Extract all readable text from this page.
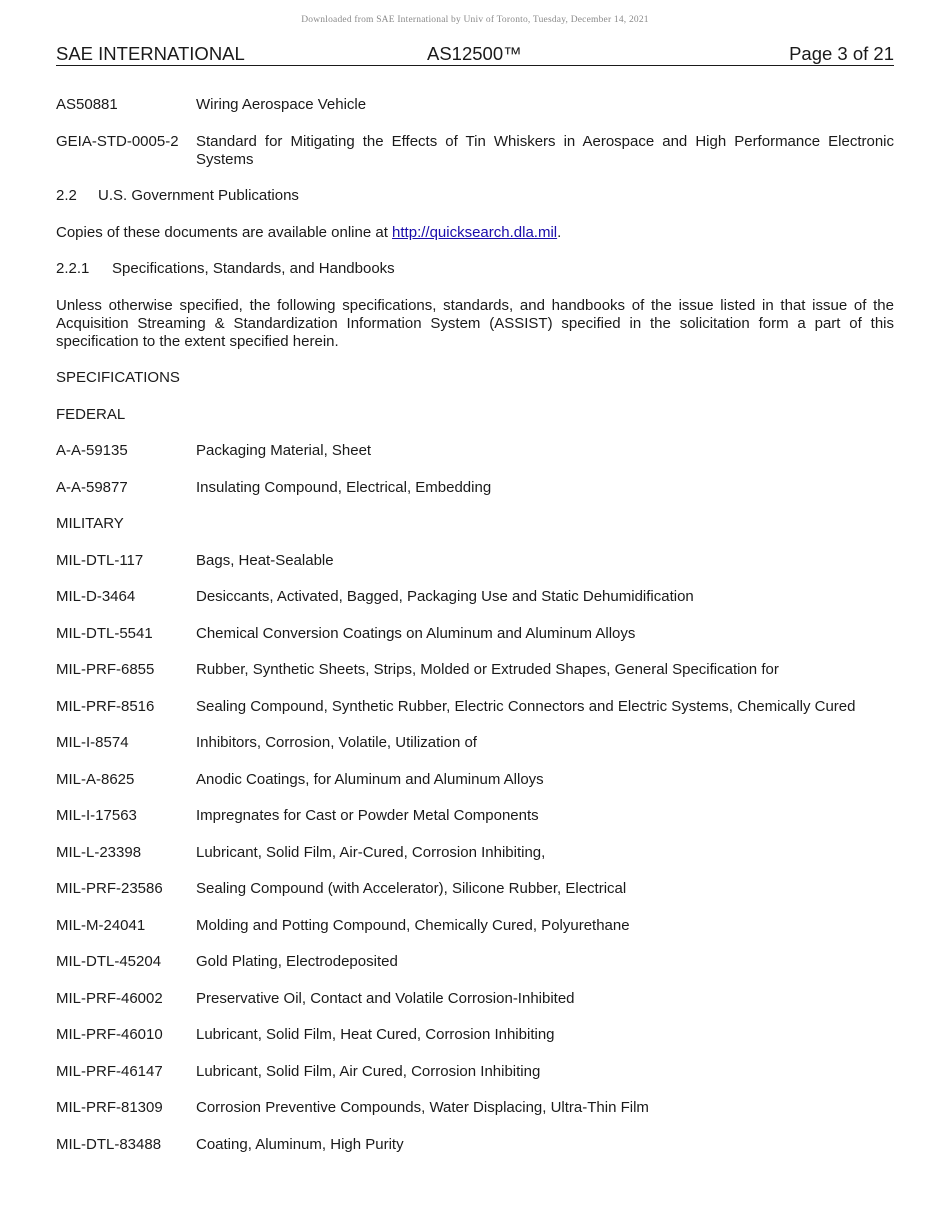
Downloaded from SAE International by Univ of Toronto, Tuesday, December 14, 2021
SAE INTERNATIONAL	AS12500™	Page 3 of 21
AS50881	Wiring Aerospace Vehicle
GEIA-STD-0005-2	Standard for Mitigating the Effects of Tin Whiskers in Aerospace and High Performance Electronic Systems

2.2 U.S. Government Publications

Copies of these documents are available online at http://quicksearch.dla.mil.

2.2.1 Specifications, Standards, and Handbooks

Unless otherwise specified, the following specifications, standards, and handbooks of the issue listed in that issue of the Acquisition Streaming & Standardization Information System (ASSIST) specified in the solicitation form a part of this specification to the extent specified herein.

SPECIFICATIONS

FEDERAL

A-A-59135	Packaging Material, Sheet
A-A-59877	Insulating Compound, Electrical, Embedding

MILITARY

MIL-DTL-117	Bags, Heat-Sealable
MIL-D-3464	Desiccants, Activated, Bagged, Packaging Use and Static Dehumidification
MIL-DTL-5541	Chemical Conversion Coatings on Aluminum and Aluminum Alloys
MIL-PRF-6855	Rubber, Synthetic Sheets, Strips, Molded or Extruded Shapes, General Specification for
MIL-PRF-8516	Sealing Compound, Synthetic Rubber, Electric Connectors and Electric Systems, Chemically Cured
MIL-I-8574	Inhibitors, Corrosion, Volatile, Utilization of
MIL-A-8625	Anodic Coatings, for Aluminum and Aluminum Alloys
MIL-I-17563	Impregnates for Cast or Powder Metal Components
MIL-L-23398	Lubricant, Solid Film, Air-Cured, Corrosion Inhibiting,
MIL-PRF-23586	Sealing Compound (with Accelerator), Silicone Rubber, Electrical
MIL-M-24041	Molding and Potting Compound, Chemically Cured, Polyurethane
MIL-DTL-45204	Gold Plating, Electrodeposited
MIL-PRF-46002	Preservative Oil, Contact and Volatile Corrosion-Inhibited
MIL-PRF-46010	Lubricant, Solid Film, Heat Cured, Corrosion Inhibiting
MIL-PRF-46147	Lubricant, Solid Film, Air Cured, Corrosion Inhibiting
MIL-PRF-81309	Corrosion Preventive Compounds, Water Displacing, Ultra-Thin Film
MIL-DTL-83488	Coating, Aluminum, High Purity
